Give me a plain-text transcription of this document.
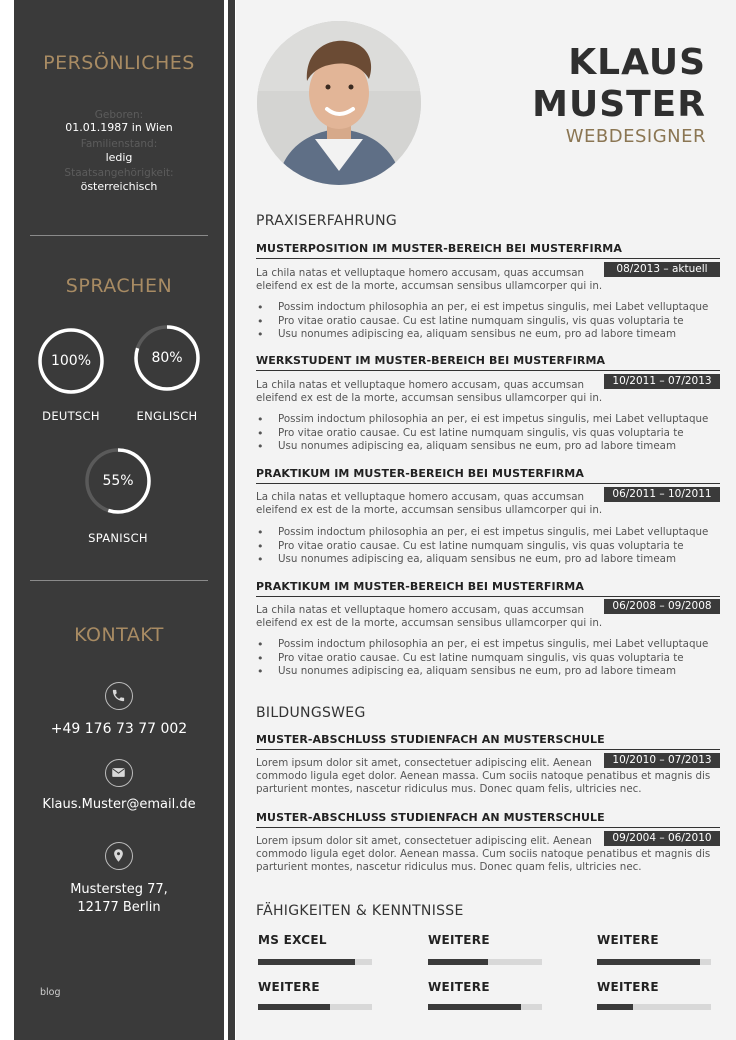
PERSÖNLICHES
Geboren:
01.01.1987 in Wien
Familienstand:
ledig
Staatsangehörigkeit:
österreichisch
SPRACHEN
100%
DEUTSCH
80%
ENGLISCH
55%
SPANISCH
KONTAKT
+49 176 73 77 002
Klaus.Muster@email.de
Mustersteg 77,
12177 Berlin
blog
KLAUS
MUSTER
WEBDESIGNER
PRAXISERFAHRUNG
MUSTERPOSITION IM MUSTER-BEREICH BEI MUSTERFIRMA
08/2013 – aktuell
La chila natas et velluptaque homero accusam, quas accumsan
eleifend ex est de la morte, accumsan sensibus ullamcorper qui in.
• Possim indoctum philosophia an per, ei est impetus singulis, mei Labet velluptaque
• Pro vitae oratio causae. Cu est latine numquam singulis, vis quas voluptaria te
• Usu nonumes adipiscing ea, aliquam sensibus ne eum, pro ad labore timeam
WERKSTUDENT IM MUSTER-BEREICH BEI MUSTERFIRMA
10/2011 – 07/2013
La chila natas et velluptaque homero accusam, quas accumsan
eleifend ex est de la morte, accumsan sensibus ullamcorper qui in.
• Possim indoctum philosophia an per, ei est impetus singulis, mei Labet velluptaque
• Pro vitae oratio causae. Cu est latine numquam singulis, vis quas voluptaria te
• Usu nonumes adipiscing ea, aliquam sensibus ne eum, pro ad labore timeam
PRAKTIKUM IM MUSTER-BEREICH BEI MUSTERFIRMA
06/2011 – 10/2011
La chila natas et velluptaque homero accusam, quas accumsan
eleifend ex est de la morte, accumsan sensibus ullamcorper qui in.
• Possim indoctum philosophia an per, ei est impetus singulis, mei Labet velluptaque
• Pro vitae oratio causae. Cu est latine numquam singulis, vis quas voluptaria te
• Usu nonumes adipiscing ea, aliquam sensibus ne eum, pro ad labore timeam
PRAKTIKUM IM MUSTER-BEREICH BEI MUSTERFIRMA
06/2008 – 09/2008
La chila natas et velluptaque homero accusam, quas accumsan
eleifend ex est de la morte, accumsan sensibus ullamcorper qui in.
• Possim indoctum philosophia an per, ei est impetus singulis, mei Labet velluptaque
• Pro vitae oratio causae. Cu est latine numquam singulis, vis quas voluptaria te
• Usu nonumes adipiscing ea, aliquam sensibus ne eum, pro ad labore timeam
BILDUNGSWEG
MUSTER-ABSCHLUSS STUDIENFACH AN MUSTERSCHULE
10/2010 – 07/2013
Lorem ipsum dolor sit amet, consectetuer adipiscing elit. Aenean
commodo ligula eget dolor. Aenean massa. Cum sociis natoque penatibus et magnis dis
parturient montes, nascetur ridiculus mus. Donec quam felis, ultricies nec.
MUSTER-ABSCHLUSS STUDIENFACH AN MUSTERSCHULE
09/2004 – 06/2010
Lorem ipsum dolor sit amet, consectetuer adipiscing elit. Aenean
commodo ligula eget dolor. Aenean massa. Cum sociis natoque penatibus et magnis dis
parturient montes, nascetur ridiculus mus. Donec quam felis, ultricies nec.
FÄHIGKEITEN & KENNTNISSE
MS EXCEL	WEITERE	WEITERE
WEITERE	WEITERE	WEITERE
